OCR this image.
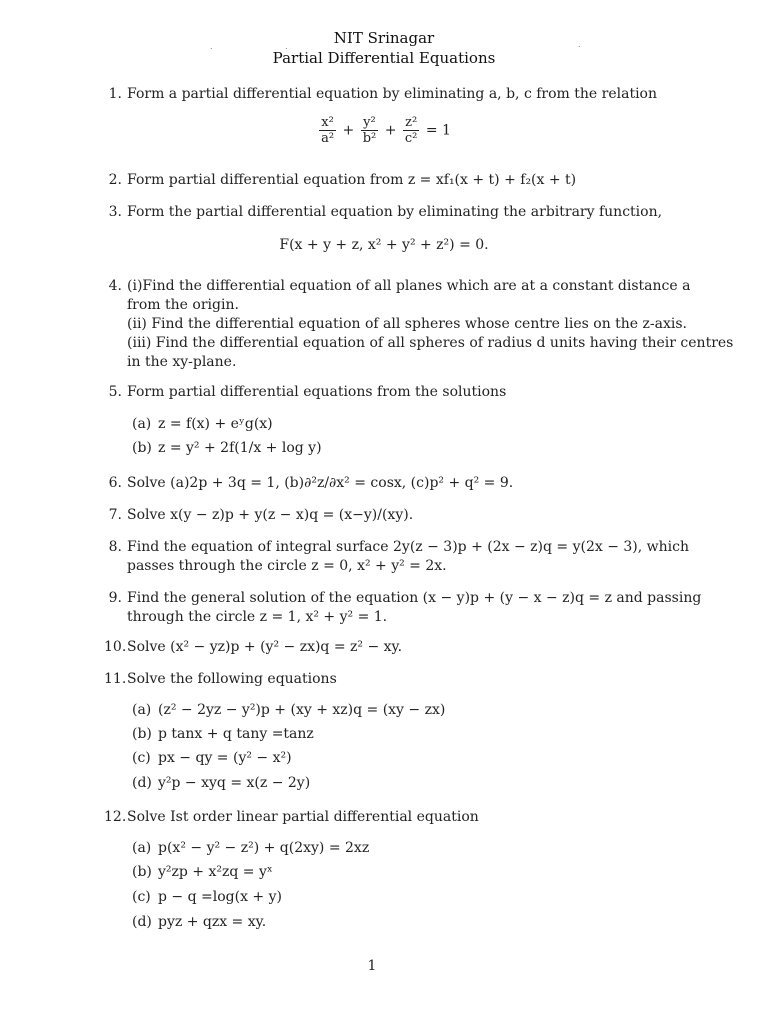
.	.	.
NIT Srinagar
Partial Differential Equations
1. Form a partial differential equation by eliminating a, b, c from the relation
$\frac{\text{x²}}{\text{a²}} + \frac{\text{y²}}{\text{b²}} + \frac{\text{z²}}{\text{c²}} = 1$
2. Form partial differential equation from z = xf₁(x + t) + f₂(x + t)
3. Form the partial differential equation by eliminating the arbitrary function,
F(x + y + z, x² + y² + z²) = 0.
4. (i)Find the differential equation of all planes which are at a constant distance a
from the origin.
(ii) Find the differential equation of all spheres whose centre lies on the z-axis.
(iii) Find the differential equation of all spheres of radius d units having their centres
in the xy-plane.
5. Form partial differential equations from the solutions
(a) z = f(x) + eʸg(x)
(b) z = y² + 2f(1/x + log y)
6. Solve (a)2p + 3q = 1, (b)∂²z/∂x² = cosx, (c)p² + q² = 9.
7. Solve x(y − z)p + y(z − x)q = (x−y)/(xy).
8. Find the equation of integral surface 2y(z − 3)p + (2x − z)q = y(2x − 3), which
passes through the circle z = 0, x² + y² = 2x.
9. Find the general solution of the equation (x − y)p + (y − x − z)q = z and passing
through the circle z = 1, x² + y² = 1.
10. Solve (x² − yz)p + (y² − zx)q = z² − xy.
11. Solve the following equations
(a) (z² − 2yz − y²)p + (xy + xz)q = (xy − zx)
(b) p tanx + q tany =tanz
(c) px − qy = (y² − x²)
(d) y²p − xyq = x(z − 2y)
12. Solve Ist order linear partial differential equation
(a) p(x² − y² − z²) + q(2xy) = 2xz
(b) y²zp + x²zq = yˣ
(c) p − q =log(x + y)
(d) pyz + qzx = xy.
1
